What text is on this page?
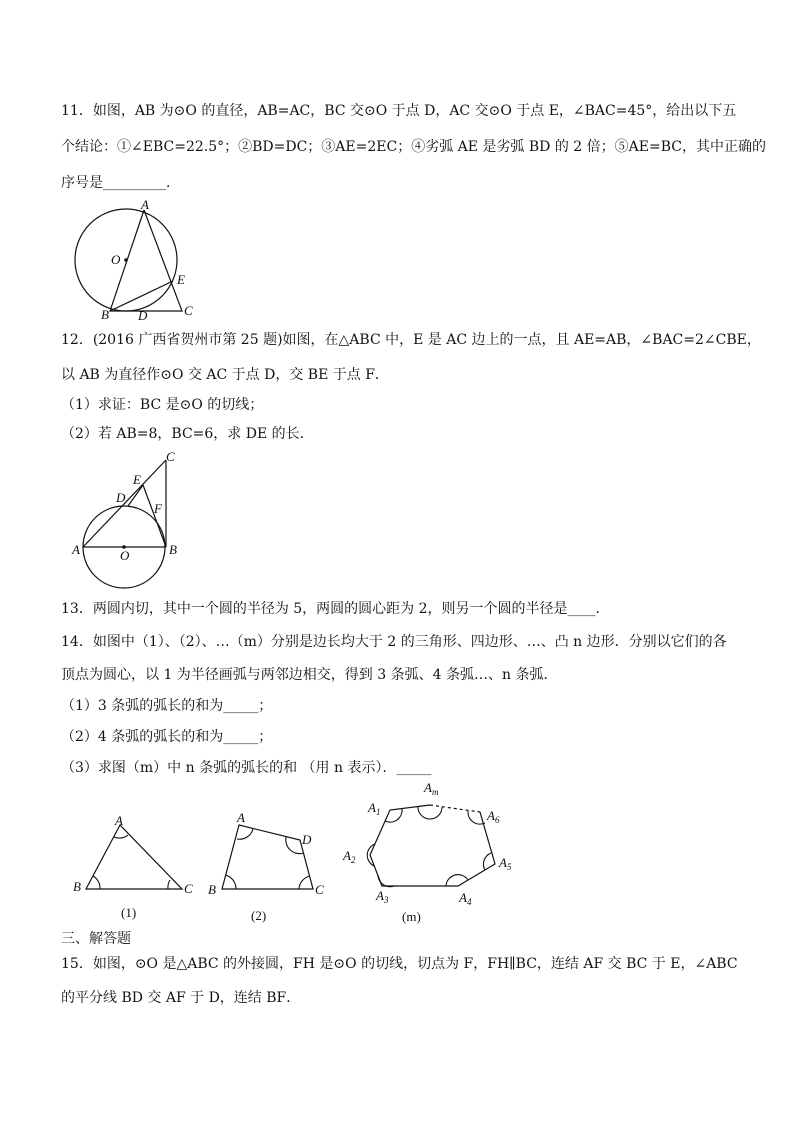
11．如图，AB 为⊙O 的直径，AB=AC，BC 交⊙O 于点 D，AC 交⊙O 于点 E，∠BAC=45°，给出以下五
个结论：①∠EBC=22.5°；②BD=DC；③AE=2EC；④劣弧 AE 是劣弧 BD 的 2 倍；⑤AE=BC，其中正确的
序号是_________．
A
O
E
B D	C
12．(2016 广西省贺州市第 25 题)如图，在△ABC 中，E 是 AC 边上的一点，且 AE=AB，∠BAC=2∠CBE，
以 AB 为直径作⊙O 交 AC 于点 D，交 BE 于点 F．
（1）求证：BC 是⊙O 的切线；
（2）若 AB=8，BC=6，求 DE 的长．
C
E
D
F
A	O	B
13．两圆内切，其中一个圆的半径为 5，两圆的圆心距为 2，则另一个圆的半径是____．
14．如图中（1）、（2）、…（m）分别是边长均大于 2 的三角形、四边形、…、凸 n 边形．分别以它们的各
顶点为圆心，以 1 为半径画弧与两邻边相交，得到 3 条弧、4 条弧…、n 条弧．
（1）3 条弧的弧长的和为_____；
（2）4 条弧的弧长的和为_____；
（3）求图（m）中 n 条弧的弧长的和 （用 n 表示）．_____
A
B	C
(1)
A
D
B	C
(2)
$A_m$
$A_1$	$A_6$
$A_2$	$A_5$
$A_3$	$A_4$
(m)
三、解答题
15．如图，⊙O 是△ABC 的外接圆，FH 是⊙O 的切线，切点为 F，FH∥BC，连结 AF 交 BC 于 E，∠ABC
的平分线 BD 交 AF 于 D，连结 BF．
